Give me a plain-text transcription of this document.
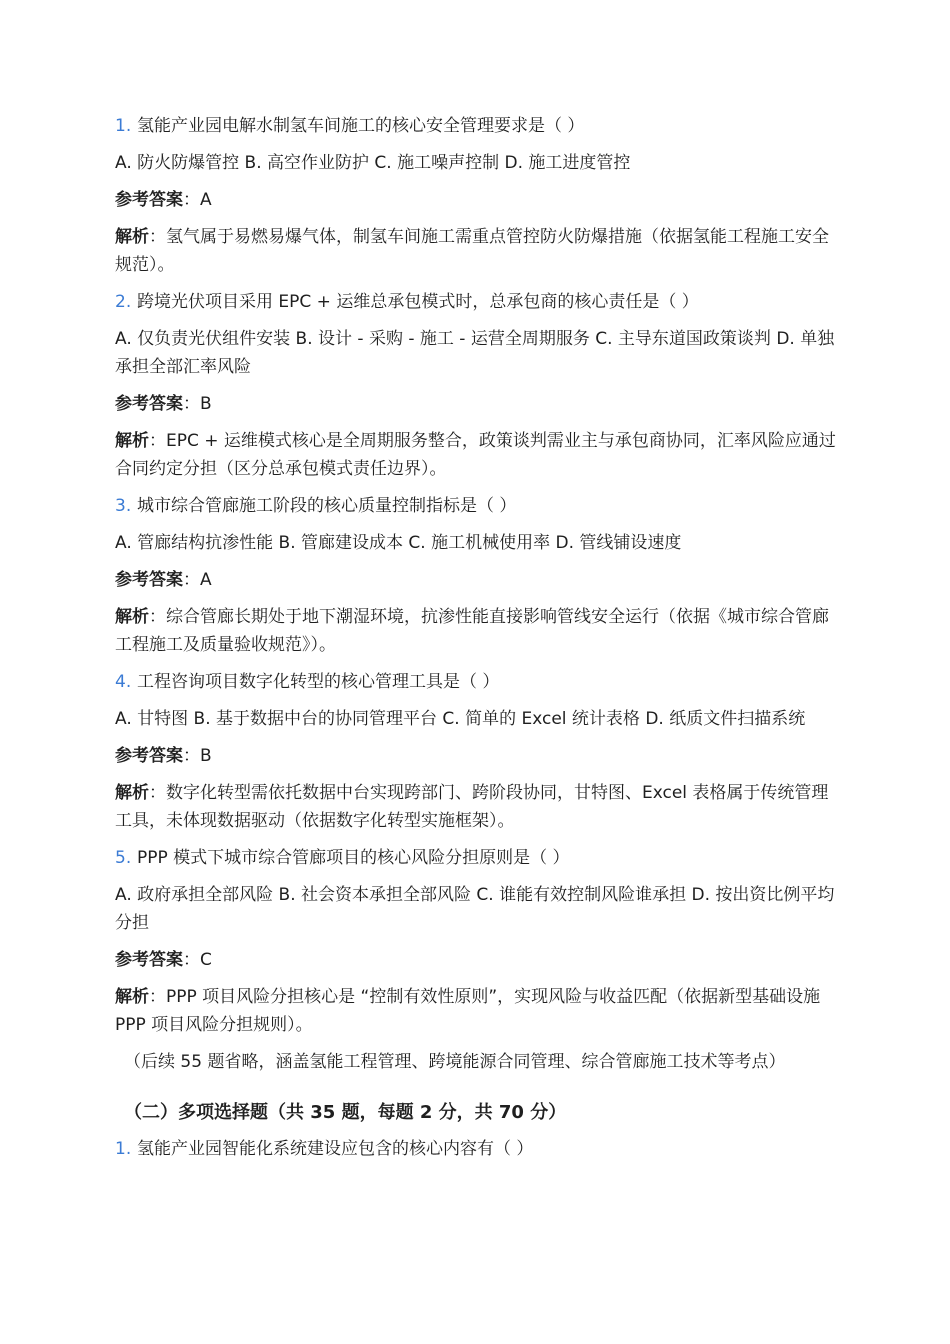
1. 氢能产业园电解水制氢车间施工的核心安全管理要求是（ ）
A. 防火防爆管控 B. 高空作业防护 C. 施工噪声控制 D. 施工进度管控
参考答案：A
解析：氢气属于易燃易爆气体，制氢车间施工需重点管控防火防爆措施（依据氢能工程施工安全规范）。
2. 跨境光伏项目采用 EPC + 运维总承包模式时，总承包商的核心责任是（ ）
A. 仅负责光伏组件安装 B. 设计 - 采购 - 施工 - 运营全周期服务 C. 主导东道国政策谈判 D. 单独承担全部汇率风险
参考答案：B
解析：EPC + 运维模式核心是全周期服务整合，政策谈判需业主与承包商协同，汇率风险应通过合同约定分担（区分总承包模式责任边界）。
3. 城市综合管廊施工阶段的核心质量控制指标是（ ）
A. 管廊结构抗渗性能 B. 管廊建设成本 C. 施工机械使用率 D. 管线铺设速度
参考答案：A
解析：综合管廊长期处于地下潮湿环境，抗渗性能直接影响管线安全运行（依据《城市综合管廊工程施工及质量验收规范》）。
4. 工程咨询项目数字化转型的核心管理工具是（ ）
A. 甘特图 B. 基于数据中台的协同管理平台 C. 简单的 Excel 统计表格 D. 纸质文件扫描系统
参考答案：B
解析：数字化转型需依托数据中台实现跨部门、跨阶段协同，甘特图、Excel 表格属于传统管理工具，未体现数据驱动（依据数字化转型实施框架）。
5. PPP 模式下城市综合管廊项目的核心风险分担原则是（ ）
A. 政府承担全部风险 B. 社会资本承担全部风险 C. 谁能有效控制风险谁承担 D. 按出资比例平均分担
参考答案：C
解析：PPP 项目风险分担核心是 “控制有效性原则”，实现风险与收益匹配（依据新型基础设施 PPP 项目风险分担规则）。
（后续 55 题省略，涵盖氢能工程管理、跨境能源合同管理、综合管廊施工技术等考点）
（二）多项选择题（共 35 题，每题 2 分，共 70 分）
1. 氢能产业园智能化系统建设应包含的核心内容有（ ）
